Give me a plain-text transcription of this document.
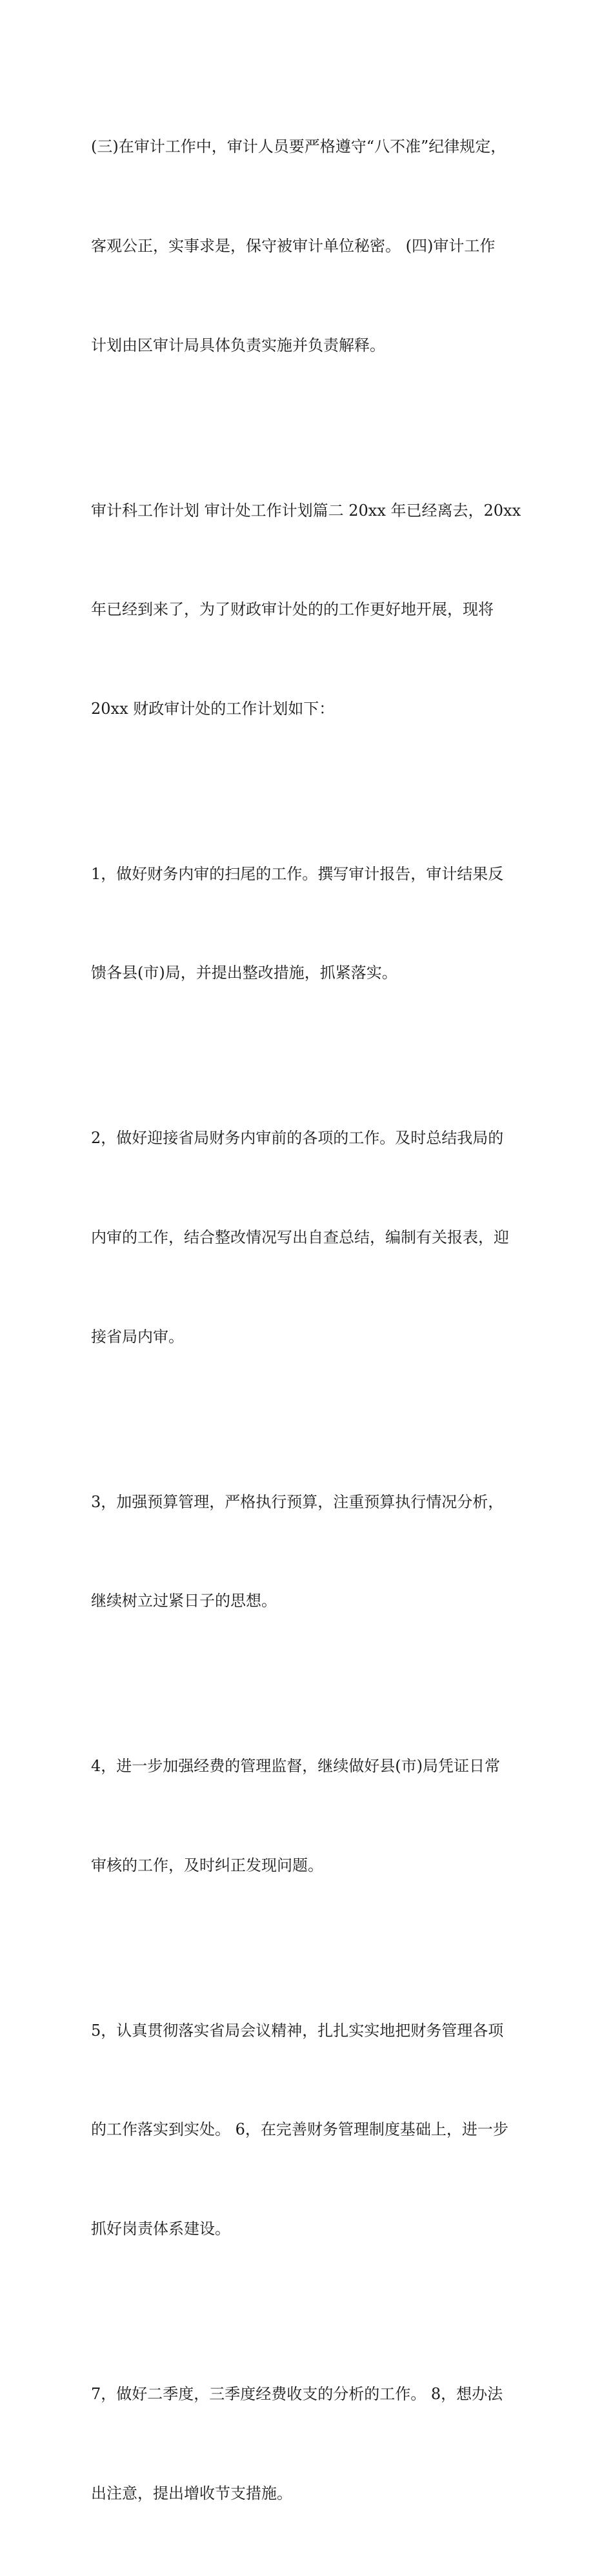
(三)在审计工作中，审计人员要严格遵守“八不准”纪律规定，

客观公正，实事求是，保守被审计单位秘密。 (四)审计工作

计划由区审计局具体负责实施并负责解释。

审计科工作计划 审计处工作计划篇二 20xx 年已经离去，20xx

年已经到来了，为了财政审计处的的工作更好地开展，现将

20xx 财政审计处的工作计划如下：

1，做好财务内审的扫尾的工作。撰写审计报告，审计结果反

馈各县(市)局，并提出整改措施，抓紧落实。

2，做好迎接省局财务内审前的各项的工作。及时总结我局的

内审的工作，结合整改情况写出自查总结，编制有关报表，迎

接省局内审。

3，加强预算管理，严格执行预算，注重预算执行情况分析，

继续树立过紧日子的思想。

4，进一步加强经费的管理监督，继续做好县(市)局凭证日常

审核的工作，及时纠正发现问题。

5，认真贯彻落实省局会议精神，扎扎实实地把财务管理各项

的工作落实到实处。 6，在完善财务管理制度基础上，进一步

抓好岗责体系建设。

7，做好二季度，三季度经费收支的分析的工作。 8，想办法

出注意，提出增收节支措施。
